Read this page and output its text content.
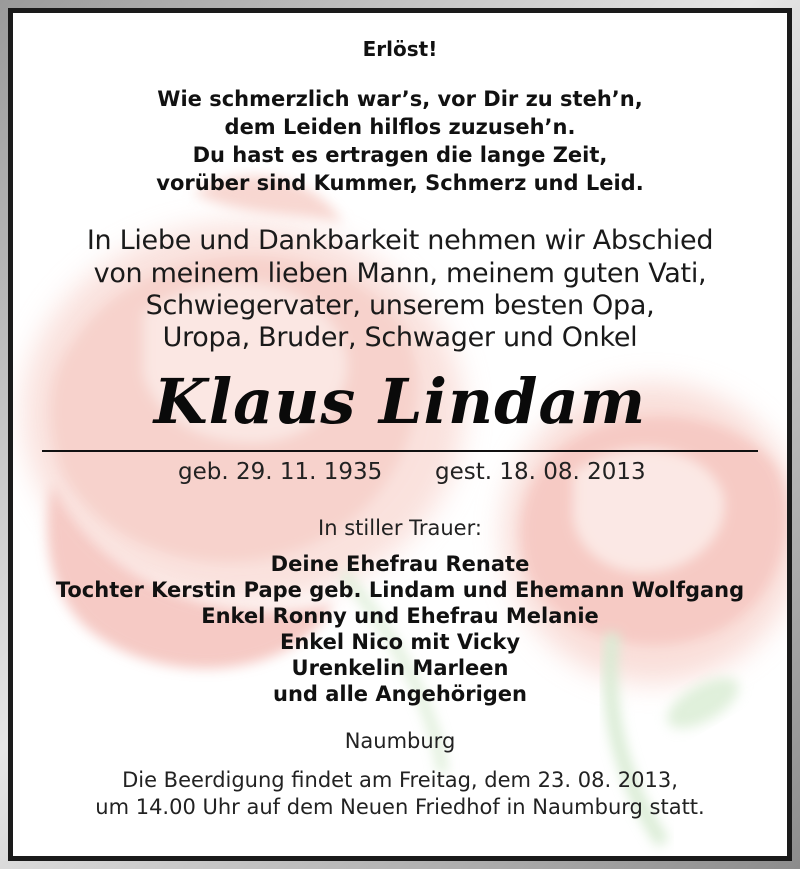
Erlöst!
Wie schmerzlich war’s, vor Dir zu steh’n,
dem Leiden hilflos zuzuseh’n.
Du hast es ertragen die lange Zeit,
vorüber sind Kummer, Schmerz und Leid.
In Liebe und Dankbarkeit nehmen wir Abschied
von meinem lieben Mann, meinem guten Vati,
Schwiegervater, unserem besten Opa,
Uropa, Bruder, Schwager und Onkel
Klaus Lindam
geb. 29. 11. 1935 gest. 18. 08. 2013
In stiller Trauer:
Deine Ehefrau Renate
Tochter Kerstin Pape geb. Lindam und Ehemann Wolfgang
Enkel Ronny und Ehefrau Melanie
Enkel Nico mit Vicky
Urenkelin Marleen
und alle Angehörigen
Naumburg
Die Beerdigung findet am Freitag, dem 23. 08. 2013,
um 14.00 Uhr auf dem Neuen Friedhof in Naumburg statt.
